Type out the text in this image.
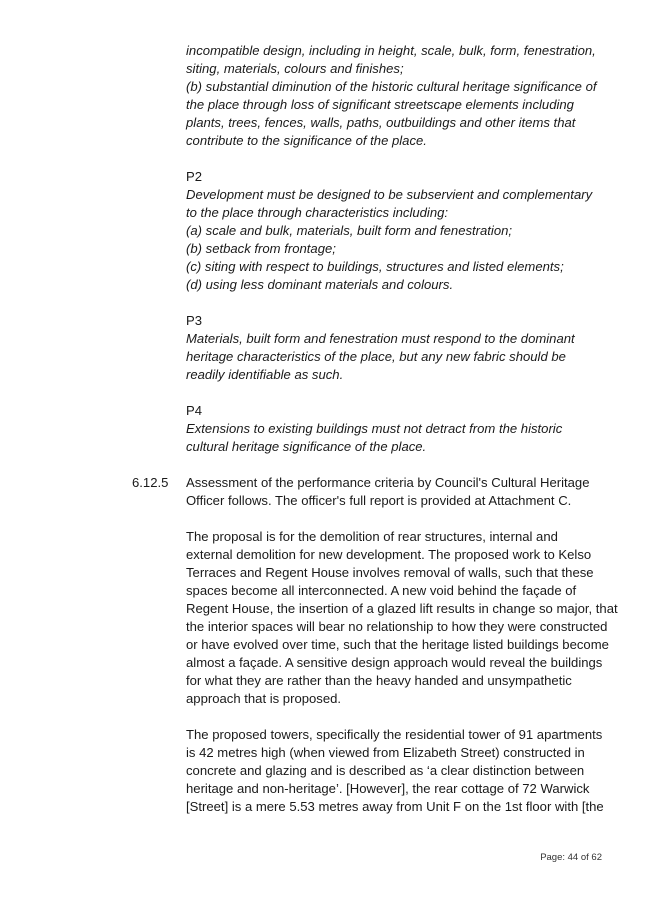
incompatible design, including in height, scale, bulk, form, fenestration,
siting, materials, colours and finishes;
(b) substantial diminution of the historic cultural heritage significance of
the place through loss of significant streetscape elements including
plants, trees, fences, walls, paths, outbuildings and other items that
contribute to the significance of the place.
P2
Development must be designed to be subservient and complementary
to the place through characteristics including:
(a) scale and bulk, materials, built form and fenestration;
(b) setback from frontage;
(c) siting with respect to buildings, structures and listed elements;
(d) using less dominant materials and colours.
P3
Materials, built form and fenestration must respond to the dominant
heritage characteristics of the place, but any new fabric should be
readily identifiable as such.
P4
Extensions to existing buildings must not detract from the historic
cultural heritage significance of the place.
6.12.5 Assessment of the performance criteria by Council's Cultural Heritage
Officer follows. The officer's full report is provided at Attachment C.
The proposal is for the demolition of rear structures, internal and
external demolition for new development. The proposed work to Kelso
Terraces and Regent House involves removal of walls, such that these
spaces become all interconnected. A new void behind the façade of
Regent House, the insertion of a glazed lift results in change so major, that
the interior spaces will bear no relationship to how they were constructed
or have evolved over time, such that the heritage listed buildings become
almost a façade. A sensitive design approach would reveal the buildings
for what they are rather than the heavy handed and unsympathetic
approach that is proposed.
The proposed towers, specifically the residential tower of 91 apartments
is 42 metres high (when viewed from Elizabeth Street) constructed in
concrete and glazing and is described as ‘a clear distinction between
heritage and non-heritage’. [However], the rear cottage of 72 Warwick
[Street] is a mere 5.53 metres away from Unit F on the 1st floor with [the
Page: 44 of 62
